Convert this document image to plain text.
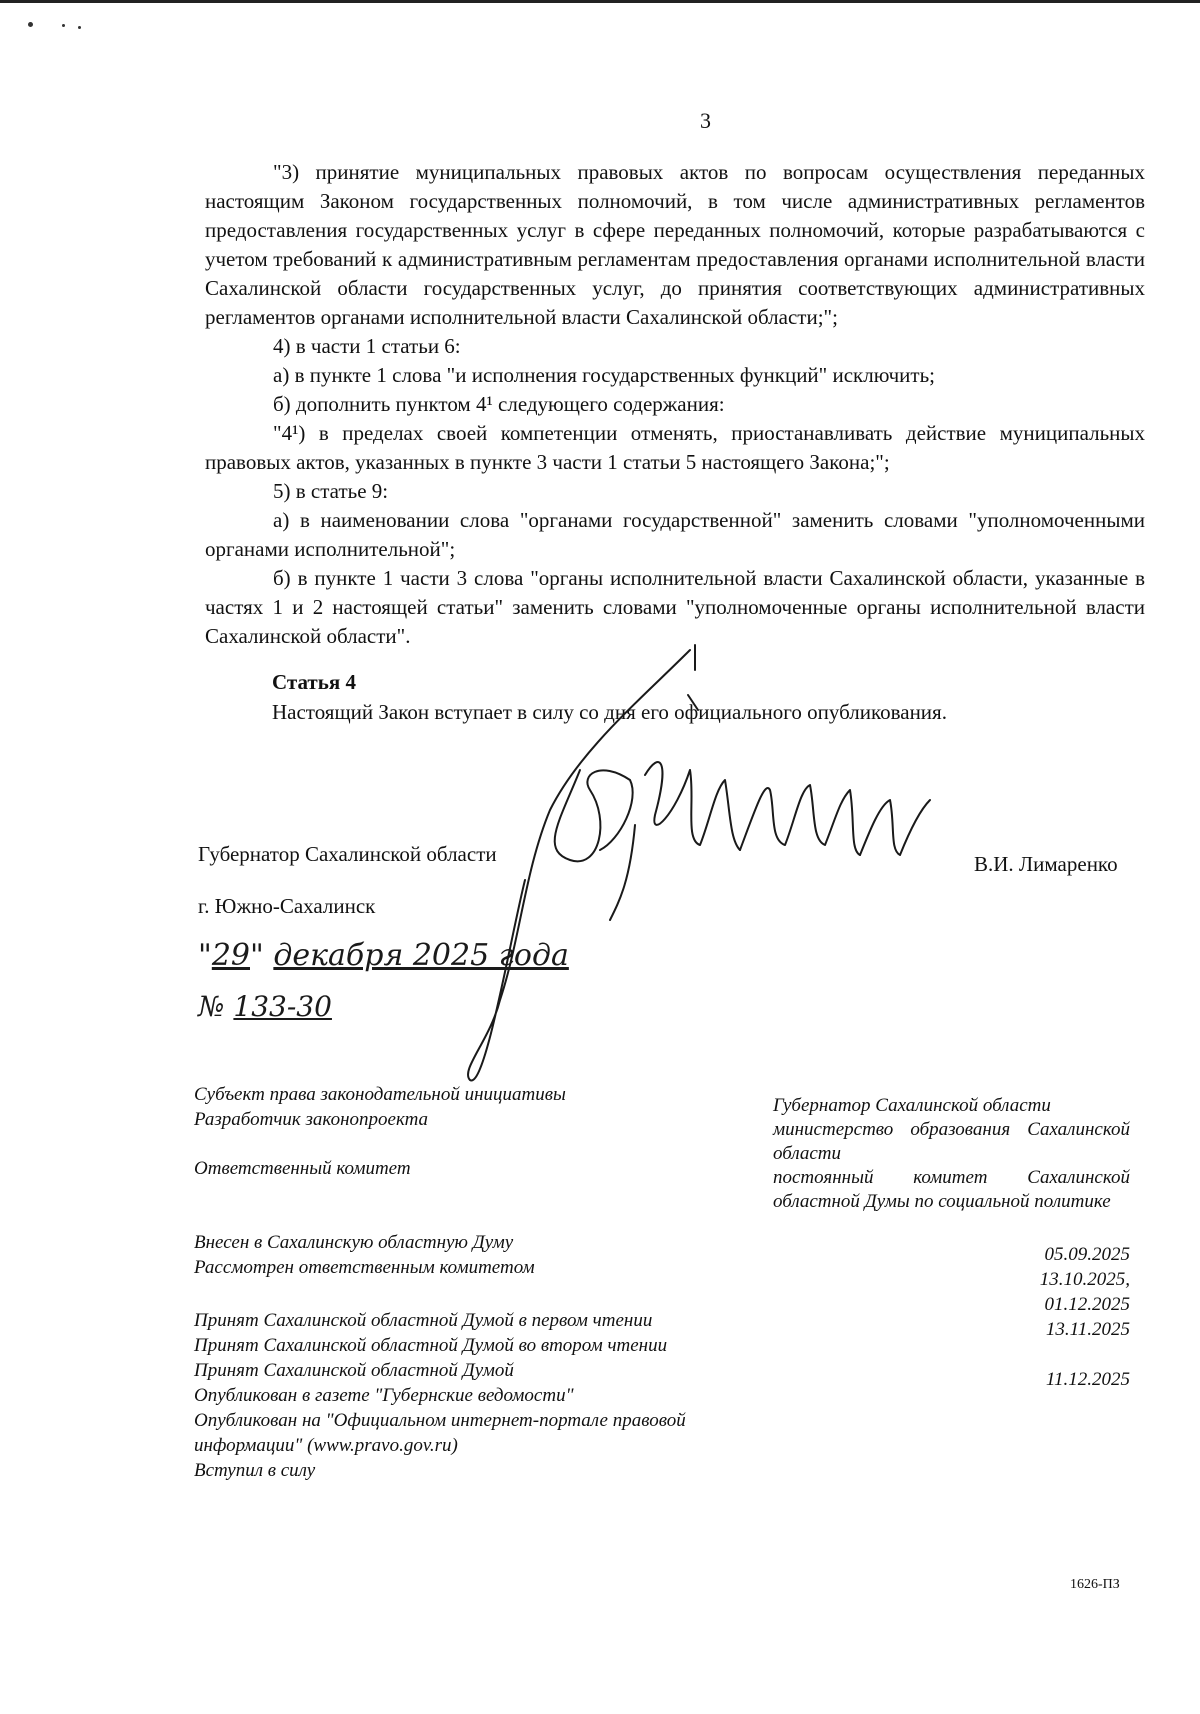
3

"3) принятие муниципальных правовых актов по вопросам осуществления переданных настоящим Законом государственных полномочий, в том числе административных регламентов предоставления государственных услуг в сфере переданных полномочий, которые разрабатываются с учетом требований к административным регламентам предоставления органами исполнительной власти Сахалинской области государственных услуг, до принятия соответствующих административных регламентов органами исполнительной власти Сахалинской области;";

4) в части 1 статьи 6:

а) в пункте 1 слова "и исполнения государственных функций" исключить;

б) дополнить пунктом 4¹ следующего содержания:

"4¹) в пределах своей компетенции отменять, приостанавливать действие муниципальных правовых актов, указанных в пункте 3 части 1 статьи 5 настоящего Закона;";

5) в статье 9:

а) в наименовании слова "органами государственной" заменить словами "уполномоченными органами исполнительной";

б) в пункте 1 части 3 слова "органы исполнительной власти Сахалинской области, указанные в частях 1 и 2 настоящей статьи" заменить словами "уполномоченные органы исполнительной власти Сахалинской области".

Статья 4
Настоящий Закон вступает в силу со дня его официального опубликования.
Губернатор Сахалинской области	В.И. Лимаренко
г. Южно-Сахалинск
"29" декабря 2025 года
№ 133-30
Субъект права законодательной инициативы
Разработчик законопроекта
Ответственный комитет

Губернатор Сахалинской области

министерство образования Сахалинской области

постоянный комитет Сахалинской областной Думы по социальной политике

Внесен в Сахалинскую областную Думу
Рассмотрен ответственным комитетом
Принят Сахалинской областной Думой в первом чтении
Принят Сахалинской областной Думой во втором чтении
Принят Сахалинской областной Думой
Опубликован в газете "Губернские ведомости"
Опубликован на "Официальном интернет-портале правовой информации" (www.pravo.gov.ru)
Вступил в силу
05.09.2025
13.10.2025,
01.12.2025
13.11.2025
11.12.2025
1626-ПЗ
